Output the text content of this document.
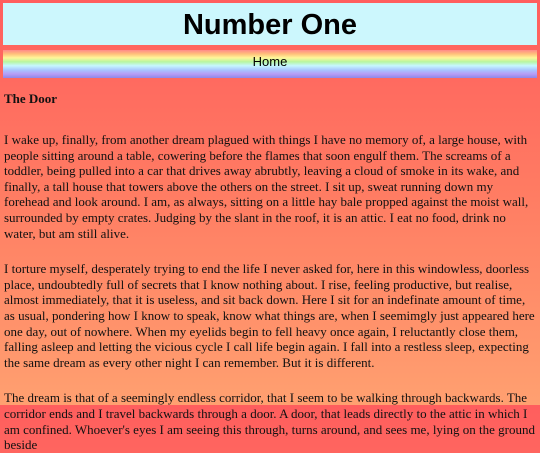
Number One
Home
The Door

I wake up, finally, from another dream plagued with things I have no memory of, a large house, with people sitting around a table, cowering before the flames that soon engulf them. The screams of a toddler, being pulled into a car that drives away abrubtly, leaving a cloud of smoke in its wake, and finally, a tall house that towers above the others on the street. I sit up, sweat running down my forehead and look around. I am, as always, sitting on a little hay bale propped against the moist wall, surrounded by empty crates. Judging by the slant in the roof, it is an attic. I eat no food, drink no water, but am still alive.

I torture myself, desperately trying to end the life I never asked for, here in this windowless, doorless place, undoubtedly full of secrets that I know nothing about. I rise, feeling productive, but realise, almost immediately, that it is useless, and sit back down. Here I sit for an indefinate amount of time, as usual, pondering how I know to speak, know what things are, when I seemimgly just appeared here one day, out of nowhere. When my eyelids begin to fell heavy once again, I reluctantly close them, falling asleep and letting the vicious cycle I call life begin again. I fall into a restless sleep, expecting the same dream as every other night I can remember. But it is different.

The dream is that of a seemingly endless corridor, that I seem to be walking through backwards. The corridor ends and I travel backwards through a door. A door, that leads directly to the attic in which I am confined. Whoever's eyes I am seeing this through, turns around, and sees me, lying on the ground beside
